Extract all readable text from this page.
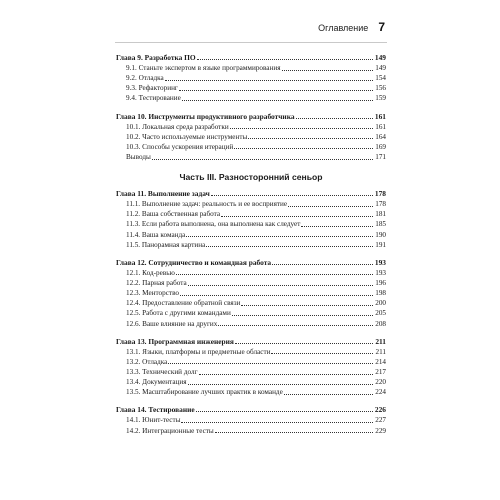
Оглавление 7
Глава 9. Разработка ПО	149
9.1. Станьте экспертом в языке программирования	149
9.2. Отладка	154
9.3. Рефакторинг	156
9.4. Тестирование	159
Глава 10. Инструменты продуктивного разработчика	161
10.1. Локальная среда разработки	161
10.2. Часто используемые инструменты	164
10.3. Способы ускорения итераций	169
Выводы	171
Часть III. Разносторонний сеньор
Глава 11. Выполнение задач	178
11.1. Выполнение задач: реальность и ее восприятие	178
11.2. Ваша собственная работа	181
11.3. Если работа выполнена, она выполнена как следует	185
11.4. Ваша команда	190
11.5. Панорамная картина	191
Глава 12. Сотрудничество и командная работа	193
12.1. Код-ревью	193
12.2. Парная работа	196
12.3. Менторство	198
12.4. Предоставление обратной связи	200
12.5. Работа с другими командами	205
12.6. Ваше влияние на других	208
Глава 13. Программная инженерия	211
13.1. Языки, платформы и предметные области	211
13.2. Отладка	214
13.3. Технический долг	217
13.4. Документация	220
13.5. Масштабирование лучших практик в команде	224
Глава 14. Тестирование	226
14.1. Юнит-тесты	227
14.2. Интеграционные тесты	229
